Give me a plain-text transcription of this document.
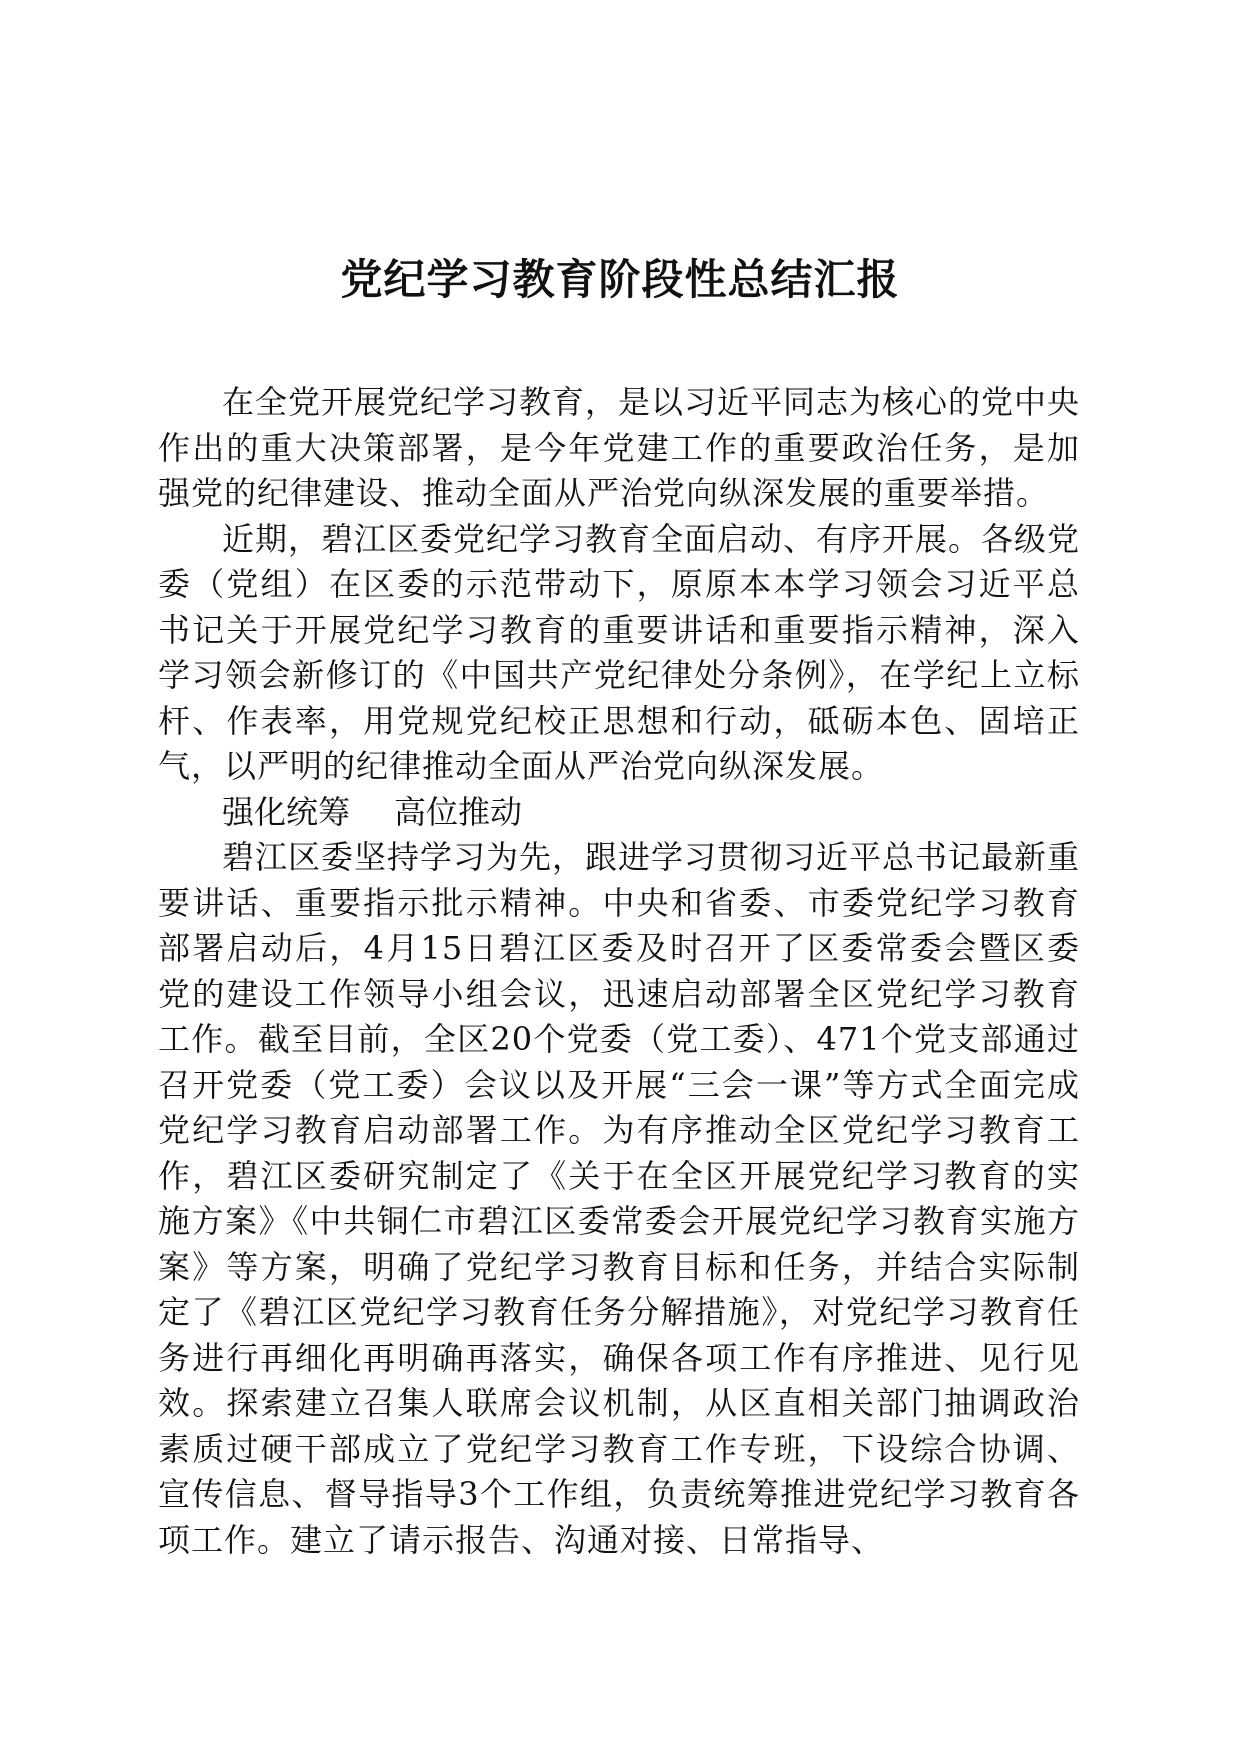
党纪学习教育阶段性总结汇报

在全党开展党纪学习教育，是以习近平同志为核心的党中央作出的重大决策部署，是今年党建工作的重要政治任务，是加强党的纪律建设、推动全面从严治党向纵深发展的重要举措。

近期，碧江区委党纪学习教育全面启动、有序开展。各级党委（党组）在区委的示范带动下，原原本本学习领会习近平总书记关于开展党纪学习教育的重要讲话和重要指示精神，深入学习领会新修订的《中国共产党纪律处分条例》，在学纪上立标杆、作表率，用党规党纪校正思想和行动，砥砺本色、固培正气，以严明的纪律推动全面从严治党向纵深发展。

强化统筹 高位推动

碧江区委坚持学习为先，跟进学习贯彻习近平总书记最新重要讲话、重要指示批示精神。中央和省委、市委党纪学习教育部署启动后，4月15日碧江区委及时召开了区委常委会暨区委党的建设工作领导小组会议，迅速启动部署全区党纪学习教育工作。截至目前，全区20个党委（党工委）、471个党支部通过召开党委（党工委）会议以及开展“三会一课”等方式全面完成党纪学习教育启动部署工作。为有序推动全区党纪学习教育工作，碧江区委研究制定了《关于在全区开展党纪学习教育的实施方案》《中共铜仁市碧江区委常委会开展党纪学习教育实施方案》等方案，明确了党纪学习教育目标和任务，并结合实际制定了《碧江区党纪学习教育任务分解措施》，对党纪学习教育任务进行再细化再明确再落实，确保各项工作有序推进、见行见效。探索建立召集人联席会议机制，从区直相关部门抽调政治素质过硬干部成立了党纪学习教育工作专班，下设综合协调、宣传信息、督导指导3个工作组，负责统筹推进党纪学习教育各项工作。建立了请示报告、沟通对接、日常指导、
